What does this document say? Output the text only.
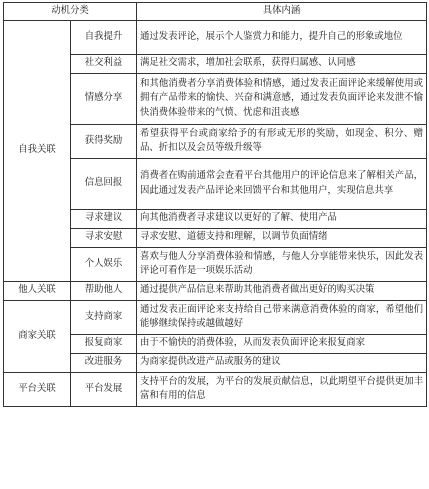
动机分类		具体内涵
自我关联	自我提升	通过发表评论，展示个人鉴赏力和能力，提升自己的形象或地位
	社交利益	满足社交需求，增加社会联系，获得归属感、认同感
	情感分享	和其他消费者分享消费体验和情感，通过发表正面评论来缓解使用或拥有产品带来的愉快、兴奋和满意感，通过发表负面评论来发泄不愉快消费体验带来的气愤、忧虑和沮丧感
	获得奖励	希望获得平台或商家给予的有形或无形的奖励，如现金、积分、赠品、折扣以及会员等级升级等
	信息回报	消费者在购前通常会查看平台其他用户的评论信息来了解相关产品，因此通过发表产品评论来回馈平台和其他用户，实现信息共享
	寻求建议	向其他消费者寻求建议以更好的了解、使用产品
	寻求安慰	寻求安慰、道德支持和理解，以调节负面情绪
	个人娱乐	喜欢与他人分享消费体验和情感，与他人分享能带来快乐，因此发表评论可看作是一项娱乐活动
他人关联	帮助他人	通过提供产品信息来帮助其他消费者做出更好的购买决策
商家关联	支持商家	通过发表正面评论来支持给自己带来满意消费体验的商家，希望他们能够继续保持或越做越好
	报复商家	由于不愉快的消费体验，从而发表负面评论来报复商家
	改进服务	为商家提供改进产品或服务的建议
平台关联	平台发展	支持平台的发展，为平台的发展贡献信息，以此期望平台提供更加丰富和有用的信息
